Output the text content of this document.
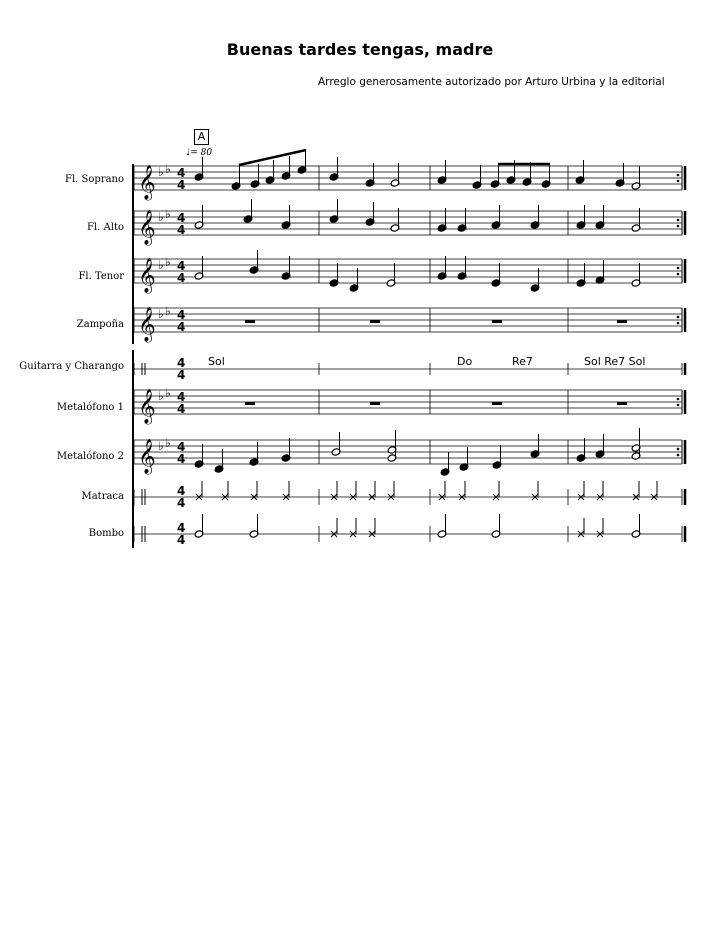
Buenas tardes tengas, madre
Arreglo generosamente autorizado por Arturo Urbina y la editorial
A
♩= 80
Fl. Soprano
Fl. Alto
Fl. Tenor
Zampoña
Guitarra y Charango
Metalófono 1
Metalófono 2
Matraca
Bombo
Sol	Do	Re7	Sol Re7 Sol
𝄞 ♭ ♭ 4
4
𝄞 ♭ ♭ 4
4
𝄞 ♭ ♭ 4
4
𝄞 ♭ ♭ 4
4
𝄞 ♭ ♭ 4
4
𝄞 ♭ ♭ 4
4
4
4
4
4
4
4
